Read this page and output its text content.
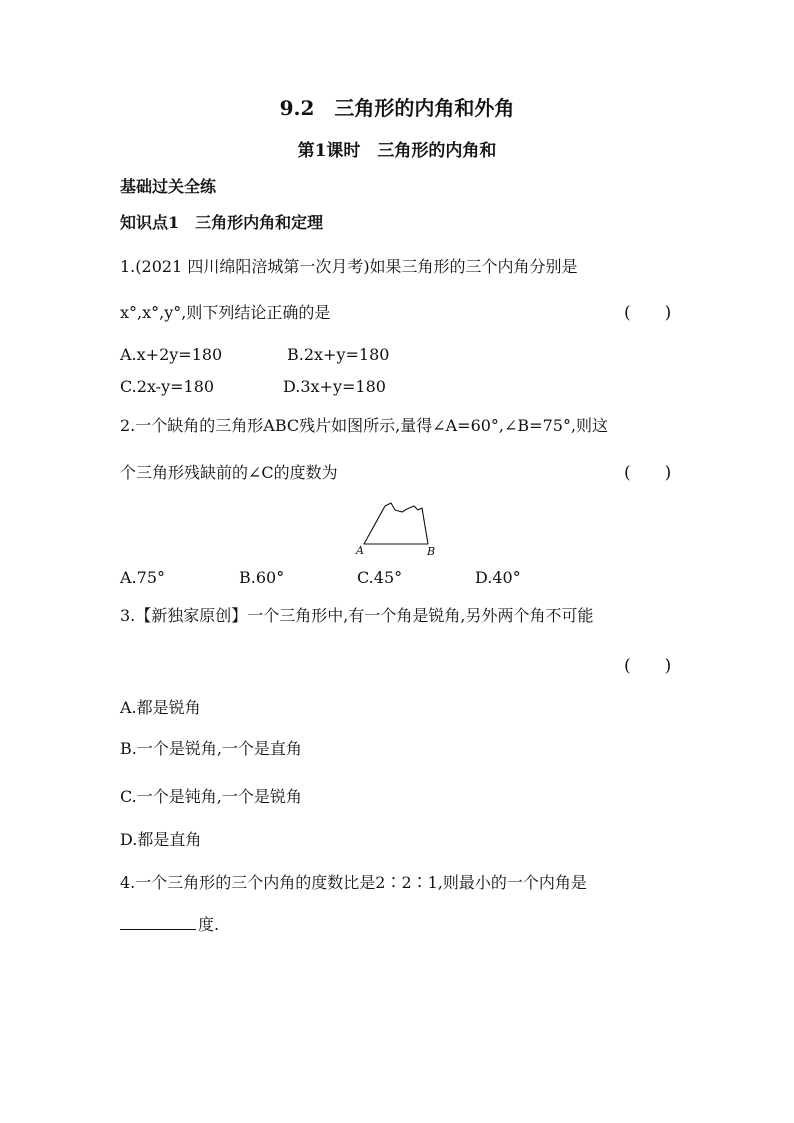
9.2　三角形的内角和外角
第1课时　三角形的内角和
基础过关全练
知识点1　三角形内角和定理
1.(2021 四川绵阳涪城第一次月考)如果三角形的三个内角分别是
x°,x°,y°,则下列结论正确的是	(　　)
A.x+2y=180	B.2x+y=180
C.2x-y=180	D.3x+y=180
2.一个缺角的三角形ABC残片如图所示,量得∠A=60°,∠B=75°,则这
个三角形残缺前的∠C的度数为	(　　)
A	B
A.75°	B.60°	C.45°	D.40°
3.【新独家原创】一个三角形中,有一个角是锐角,另外两个角不可能
(　　)
A.都是锐角
B.一个是锐角,一个是直角
C.一个是钝角,一个是锐角
D.都是直角
4.一个三角形的三个内角的度数比是2∶2∶1,则最小的一个内角是
度.
